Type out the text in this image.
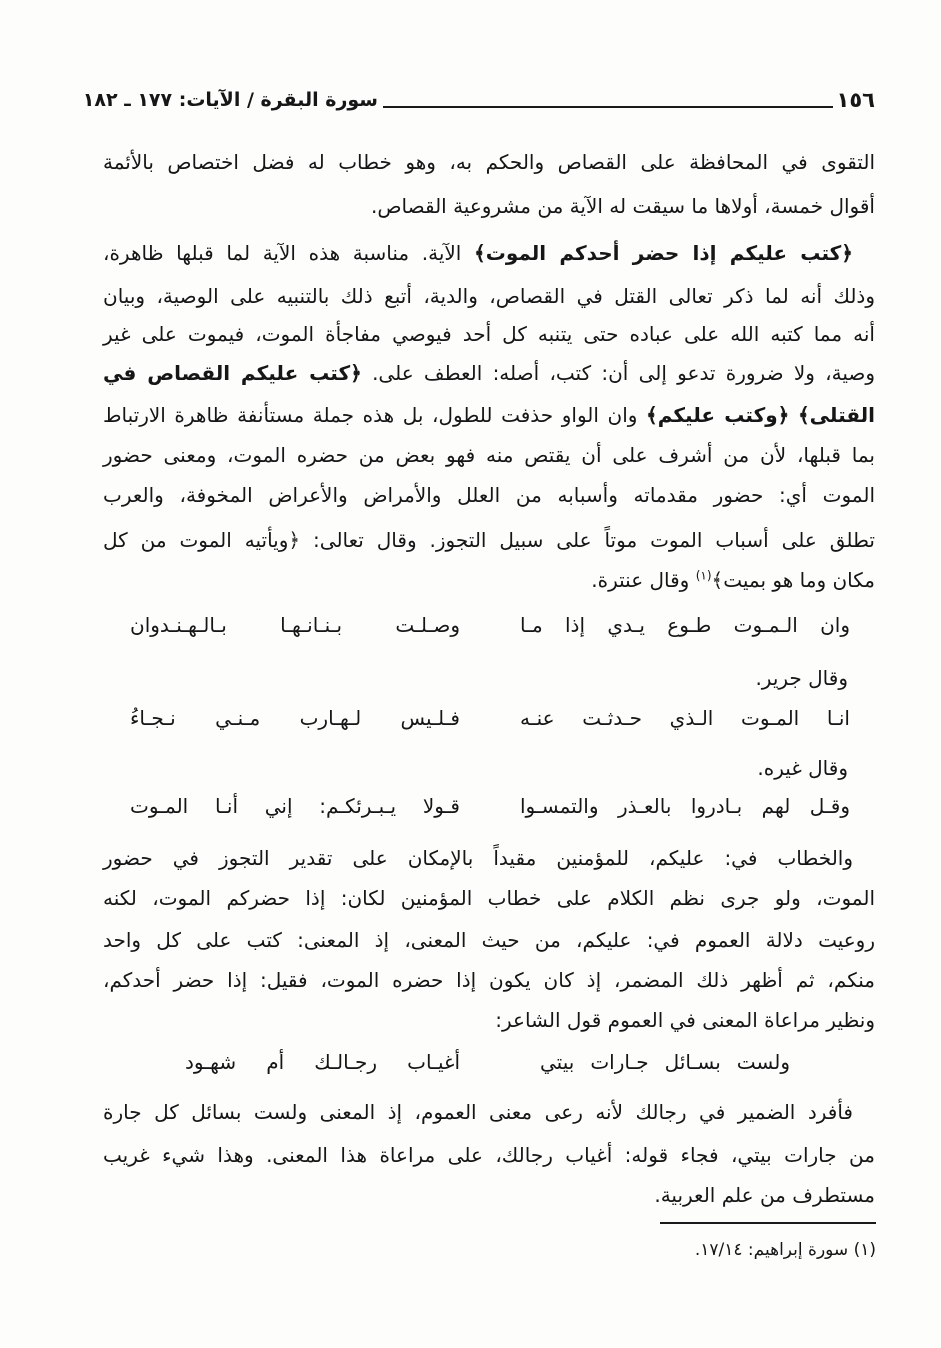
١٥٦
سورة البقرة / الآيات: ١٧٧ ـ ١٨٢
التقوى في المحافظة على القصاص والحكم به، وهو خطاب له فضل اختصاص بالأئمة
أقوال خمسة، أولاها ما سيقت له الآية من مشروعية القصاص.
﴿كتب عليكم إذا حضر أحدكم الموت﴾ الآية. مناسبة هذه الآية لما قبلها ظاهرة،
وذلك أنه لما ذكر تعالى القتل في القصاص، والدية، أتبع ذلك بالتنبيه على الوصية، وبيان
أنه مما كتبه الله على عباده حتى يتنبه كل أحد فيوصي مفاجأة الموت، فيموت على غير
وصية، ولا ضرورة تدعو إلى أن: كتب، أصله: العطف على. ﴿كتب عليكم القصاص في
القتلى﴾ ﴿وكتب عليكم﴾ وان الواو حذفت للطول، بل هذه جملة مستأنفة ظاهرة الارتباط
بما قبلها، لأن من أشرف على أن يقتص منه فهو بعض من حضره الموت، ومعنى حضور
الموت أي: حضور مقدماته وأسبابه من العلل والأمراض والأعراض المخوفة، والعرب
تطلق على أسباب الموت موتاً على سبيل التجوز. وقال تعالى: ﴿ويأتيه الموت من كل
مكان وما هو بميت﴾$^{(١)}$ وقال عنترة.
وان الـمـوت طـوع يـدي إذا مـا
وصـلـت بـنـانـهـا بـالـهـنـدوان
وقال جرير.
انـا المـوت الـذي حـدثـت عنـه
فـلـيس لـهـارب مـنـي نـجـاءُ
وقال غيره.
وقـل لهم بـادروا بالعـذر والتمسـوا
قـولا يـبـرئكـم: إني أنـا المـوت
والخطاب في: عليكم، للمؤمنين مقيداً بالإمكان على تقدير التجوز في حضور
الموت، ولو جرى نظم الكلام على خطاب المؤمنين لكان: إذا حضركم الموت، لكنه
روعيت دلالة العموم في: عليكم، من حيث المعنى، إذ المعنى: كتب على كل واحد
منكم، ثم أظهر ذلك المضمر، إذ كان يكون إذا حضره الموت، فقيل: إذا حضر أحدكم،
ونظير مراعاة المعنى في العموم قول الشاعر:
ولست بسـائل جـارات بيتي
أغيـاب رجـالـك أم شهـود
فأفرد الضمير في رجالك لأنه رعى معنى العموم، إذ المعنى ولست بسائل كل جارة
من جارات بيتي، فجاء قوله: أغياب رجالك، على مراعاة هذا المعنى. وهذا شيء غريب
مستطرف من علم العربية.
(١) سورة إبراهيم: ١٧/١٤.
